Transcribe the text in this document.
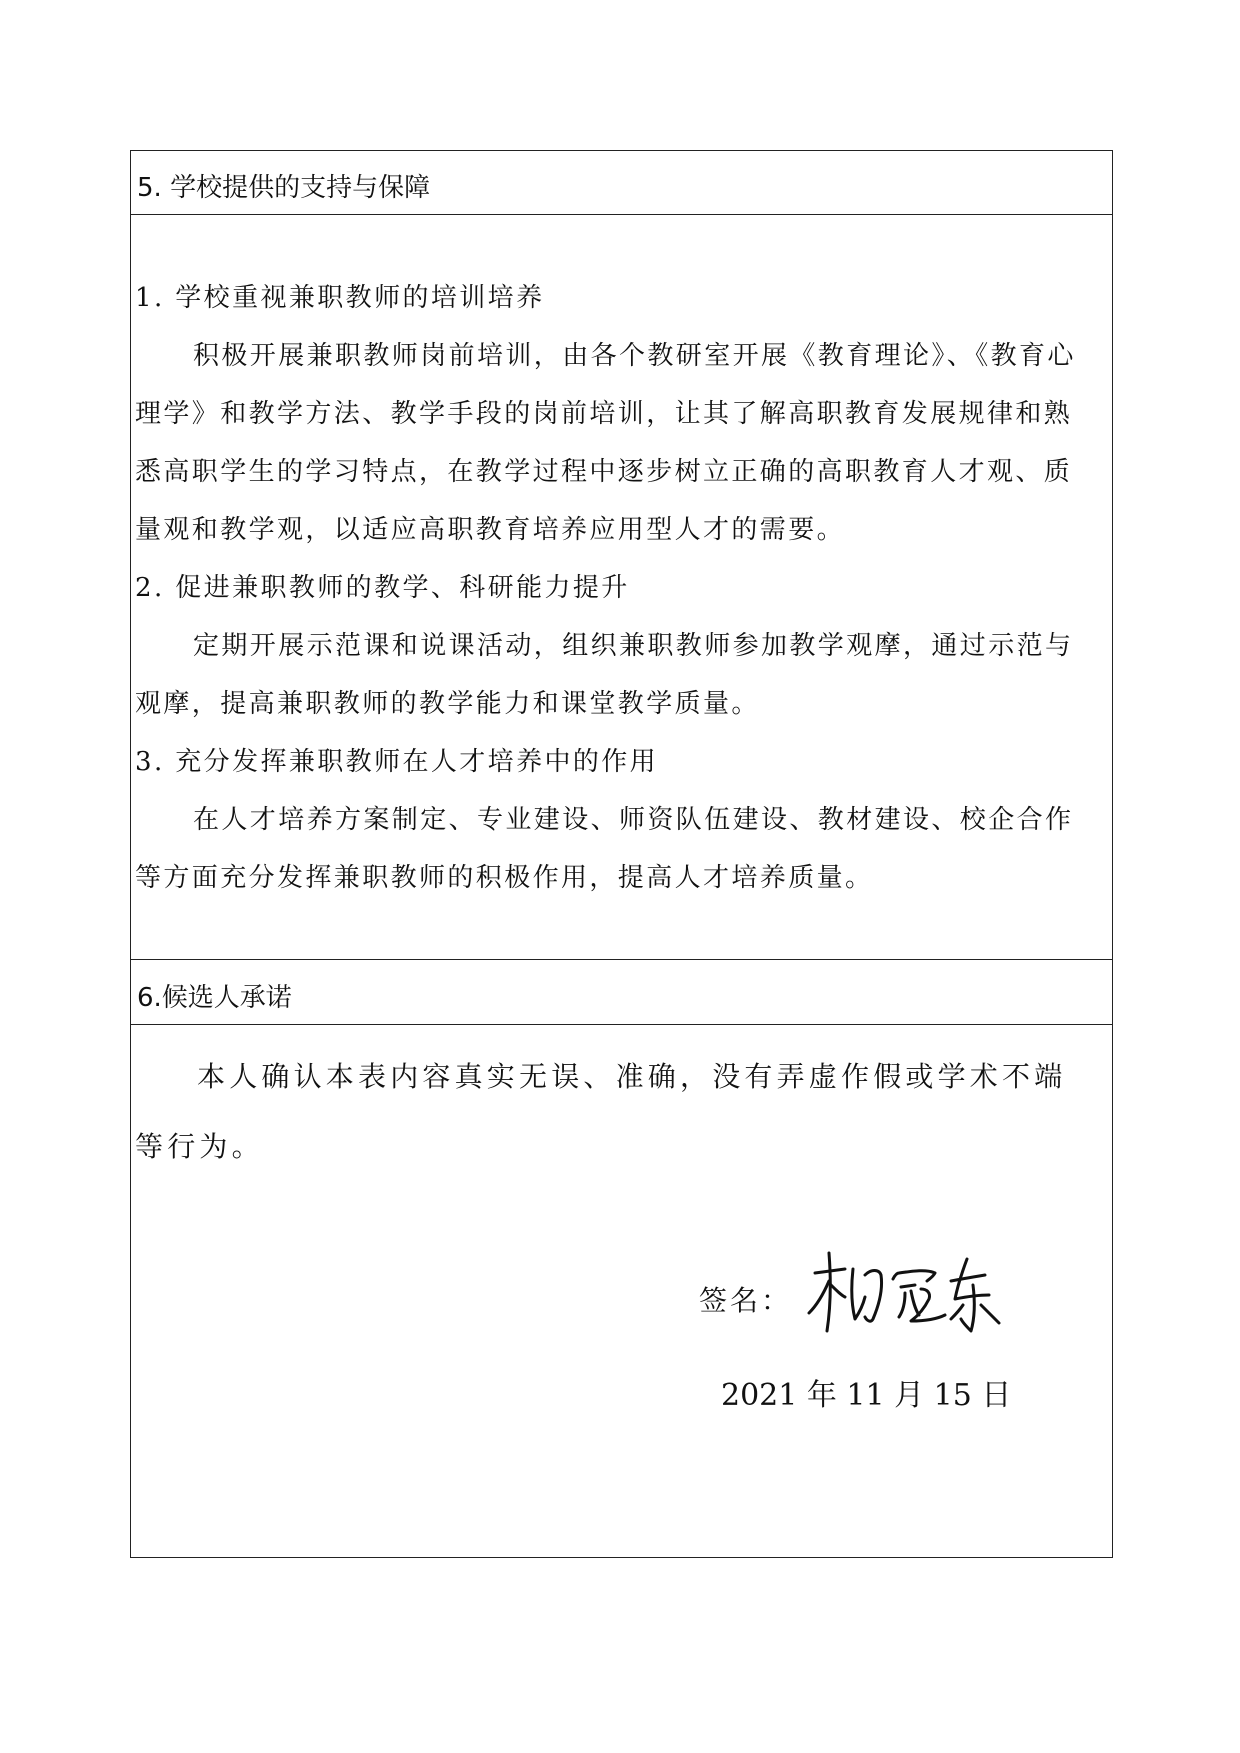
5. 学校提供的支持与保障
1. 学校重视兼职教师的培训培养
积极开展兼职教师岗前培训，由各个教研室开展《教育理论》、《教育心
理学》和教学方法、教学手段的岗前培训，让其了解高职教育发展规律和熟
悉高职学生的学习特点，在教学过程中逐步树立正确的高职教育人才观、质
量观和教学观，以适应高职教育培养应用型人才的需要。
2. 促进兼职教师的教学、科研能力提升
定期开展示范课和说课活动，组织兼职教师参加教学观摩，通过示范与
观摩，提高兼职教师的教学能力和课堂教学质量。
3. 充分发挥兼职教师在人才培养中的作用
在人才培养方案制定、专业建设、师资队伍建设、教材建设、校企合作
等方面充分发挥兼职教师的积极作用，提高人才培养质量。
6.候选人承诺
本人确认本表内容真实无误、准确，没有弄虚作假或学术不端
等行为。
签名：
2021 年 11 月 15 日
